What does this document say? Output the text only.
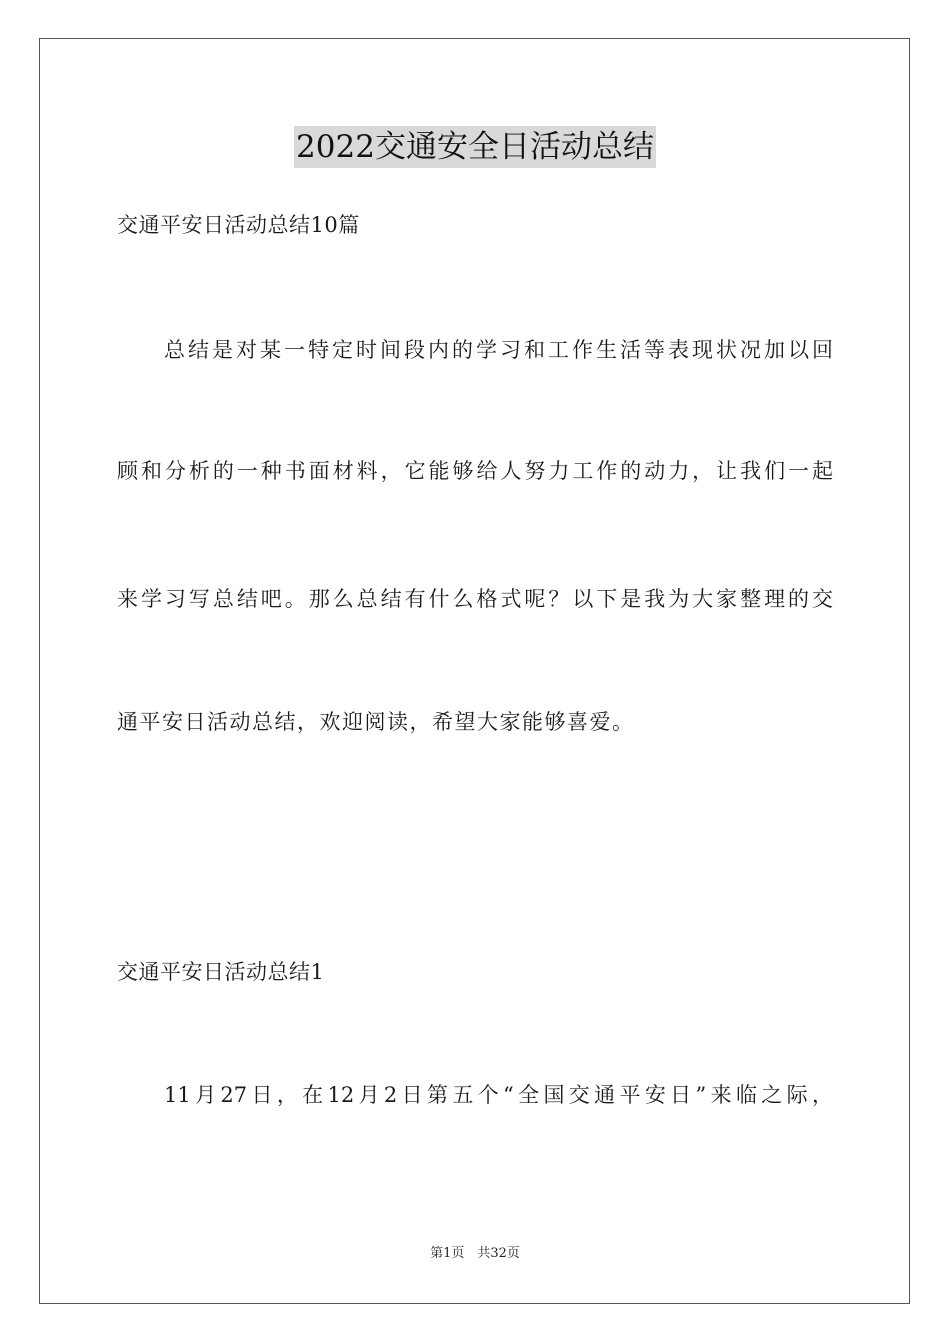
2022交通安全日活动总结
交通平安日活动总结10篇
总结是对某一特定时间段内的学习和工作生活等表现状况加以回
顾和分析的一种书面材料，它能够给人努力工作的动力，让我们一起
来学习写总结吧。那么总结有什么格式呢？以下是我为大家整理的交
通平安日活动总结，欢迎阅读，希望大家能够喜爱。
交通平安日活动总结1
11月27日，在12月2日第五个“全国交通平安日”来临之际，
第1页　共32页
